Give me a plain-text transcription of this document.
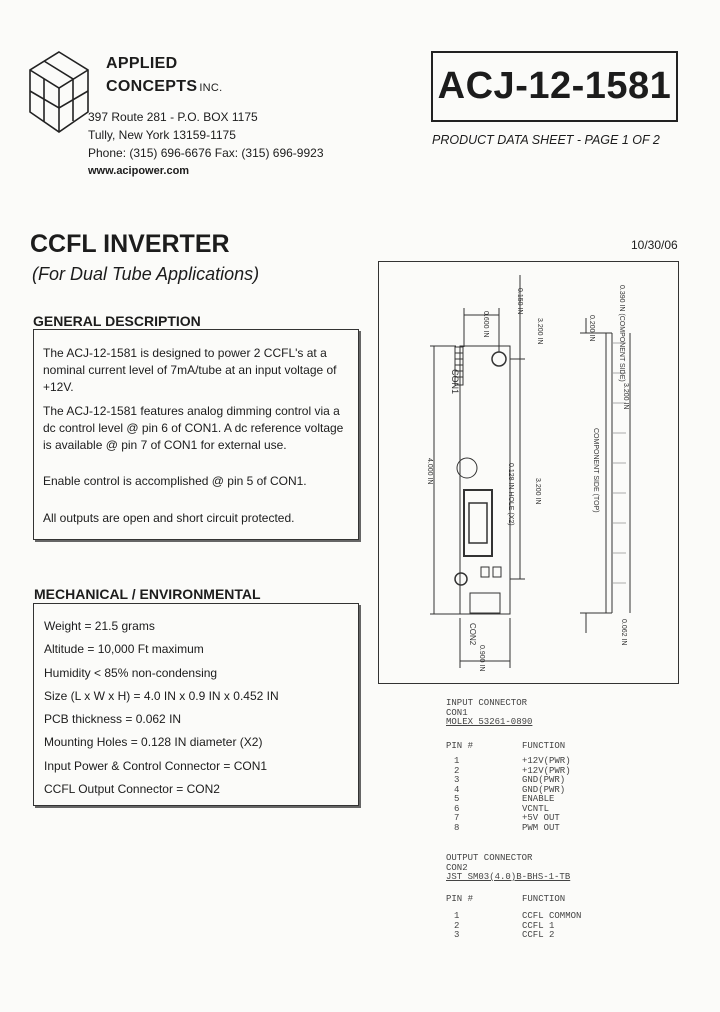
APPLIED
CONCEPTS INC.
397 Route 281 - P.O. BOX 1175
Tully, New York 13159-1175
Phone: (315) 696-6676 Fax: (315) 696-9923
www.acipower.com
ACJ-12-1581
PRODUCT DATA SHEET - PAGE 1 OF 2
CCFL INVERTER
(For Dual Tube Applications)
10/30/06
GENERAL DESCRIPTION

The ACJ-12-1581 is designed to power 2 CCFL's at a nominal current level of 7mA/tube at an input voltage of +12V.

The ACJ-12-1581 features analog dimming control via a dc control level @ pin 6 of CON1. A dc reference voltage is available @ pin 7 of CON1 for external use.

Enable control is accomplished @ pin 5 of CON1.

All outputs are open and short circuit protected.

MECHANICAL / ENVIRONMENTAL
Weight = 21.5 grams
Altitude = 10,000 Ft maximum
Humidity < 85% non-condensing
Size (L x W x H) = 4.0 IN x 0.9 IN x 0.452 IN
PCB thickness = 0.062 IN
Mounting Holes = 0.128 IN diameter (X2)
Input Power & Control Connector = CON1
CCFL Output Connector = CON2
CON1
4.000 IN	0.128 IN HOLE (X2)	3.200 IN
3.200 IN
0.600 IN
0.150 IN
CON2
0.900 IN
0.200 IN
COMPONENT SIDE (TOP)
0.390 IN (COMPONENT SIDE)
3.200 IN
0.062 IN
INPUT CONNECTOR
CON1
MOLEX 53261-0890
PIN #	FUNCTION
1	+12V(PWR)
2	+12V(PWR)
3	GND(PWR)
4	GND(PWR)
5	ENABLE
6	VCNTL
7	+5V OUT
8	PWM OUT
OUTPUT CONNECTOR
CON2
JST SM03(4.0)B-BHS-1-TB
PIN #	FUNCTION
1	CCFL COMMON
2	CCFL 1
3	CCFL 2
